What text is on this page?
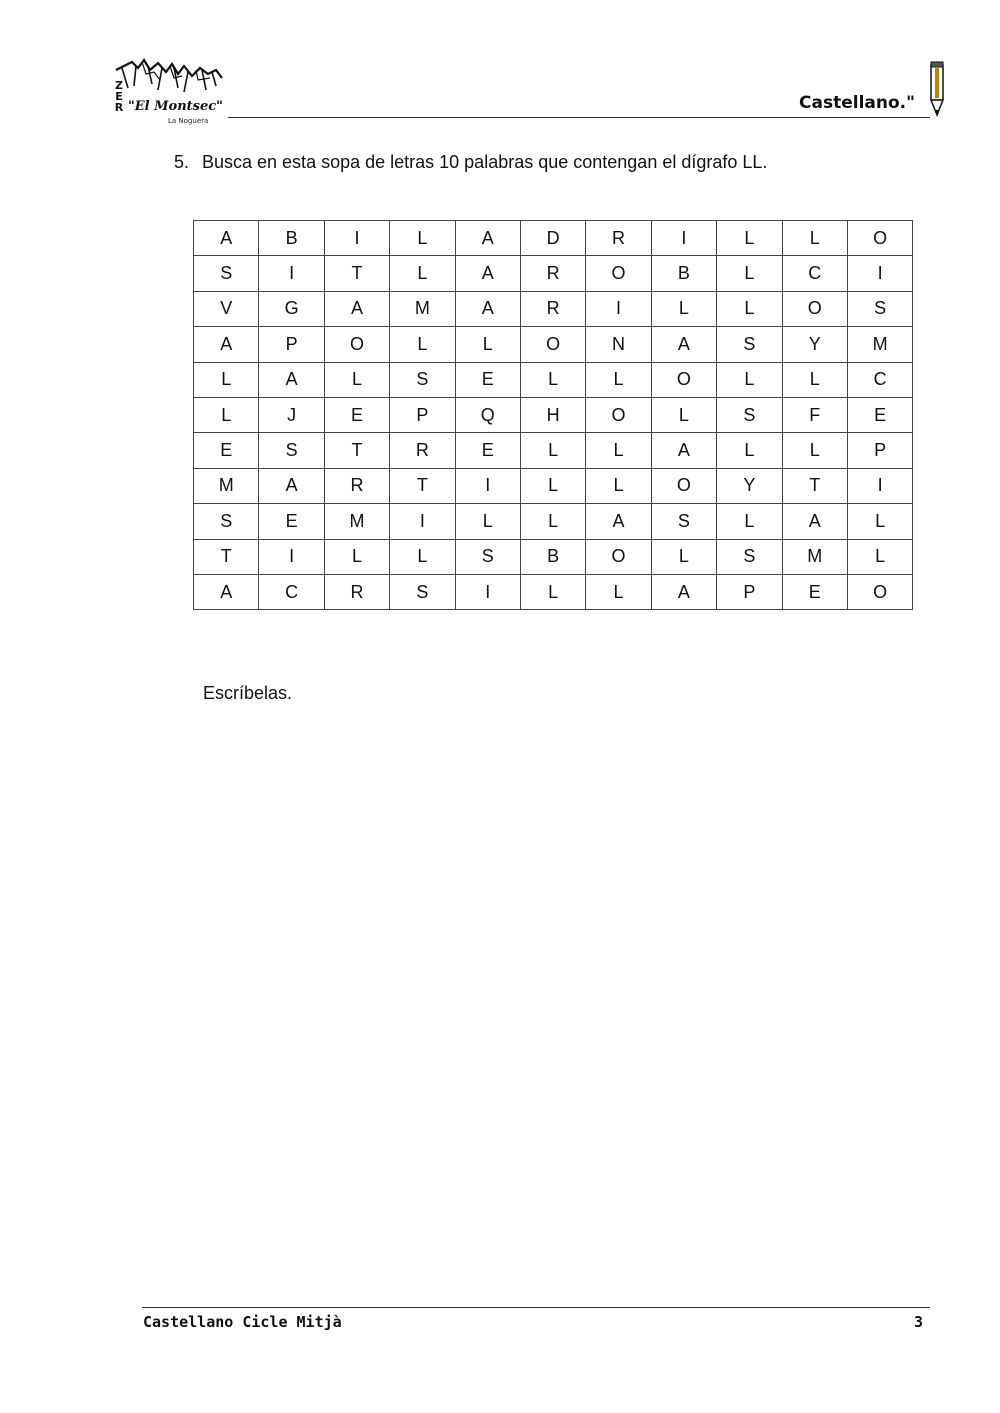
ZER "El Montsec"
La Noguera
Castellano."
5. Busca en esta sopa de letras 10 palabras que contengan el dígrafo LL.
A	B	I	L	A	D	R	I	L	L	O
S	I	T	L	A	R	O	B	L	C	I
V	G	A	M	A	R	I	L	L	O	S
A	P	O	L	L	O	N	A	S	Y	M
L	A	L	S	E	L	L	O	L	L	C
L	J	E	P	Q	H	O	L	S	F	E
E	S	T	R	E	L	L	A	L	L	P
M	A	R	T	I	L	L	O	Y	T	I
S	E	M	I	L	L	A	S	L	A	L
T	I	L	L	S	B	O	L	S	M	L
A	C	R	S	I	L	L	A	P	E	O
Escríbelas.
Castellano Cicle Mitjà	3
